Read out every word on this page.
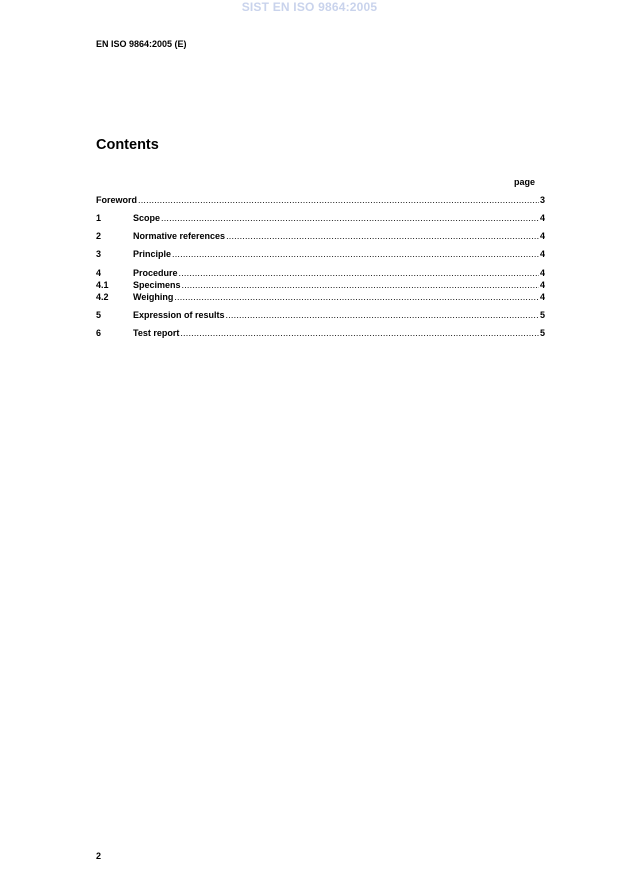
SIST EN ISO 9864:2005
EN ISO 9864:2005 (E)
Contents
page
Foreword .....	3
1	Scope .....	4
2	Normative references .....	4
3	Principle .....	4
4	Procedure .....	4
4.1	Specimens .....	4
4.2	Weighing .....	4
5	Expression of results .....	5
6	Test report .....	5
2
